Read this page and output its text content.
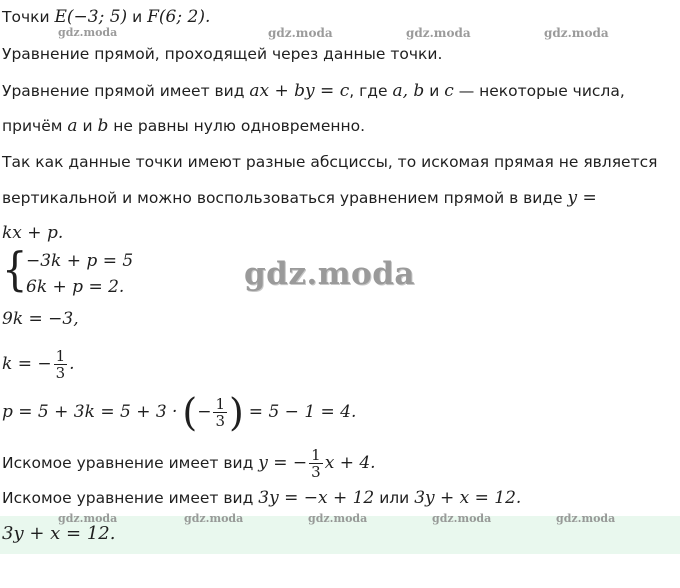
gdz.moda	gdz.moda	gdz.moda	gdz.moda
gdz.moda
gdz.moda	gdz.moda	gdz.moda	gdz.moda	gdz.moda
Точки E(−3; 5) и F(6; 2).
Уравнение прямой, проходящей через данные точки.
Уравнение прямой имеет вид ax + by = c, где a, b и c — некоторые числа,
причём a и b не равны нулю одновременно.
Так как данные точки имеют разные абсциссы, то искомая прямая не является
вертикальной и можно воспользоваться уравнением прямой в виде y =
kx + p.
{
−3k + p = 5
6k + p = 2.
9k = −3,
k = − $\frac{1}{3}$ .
p = 5 + 3k = 5 + 3 · (− $\frac{1}{3}$ ) = 5 − 1 = 4.
Искомое уравнение имеет вид y = − $\frac{1}{3}$ x + 4.
Искомое уравнение имеет вид 3y = −x + 12 или 3y + x = 12.
3y + x = 12.
